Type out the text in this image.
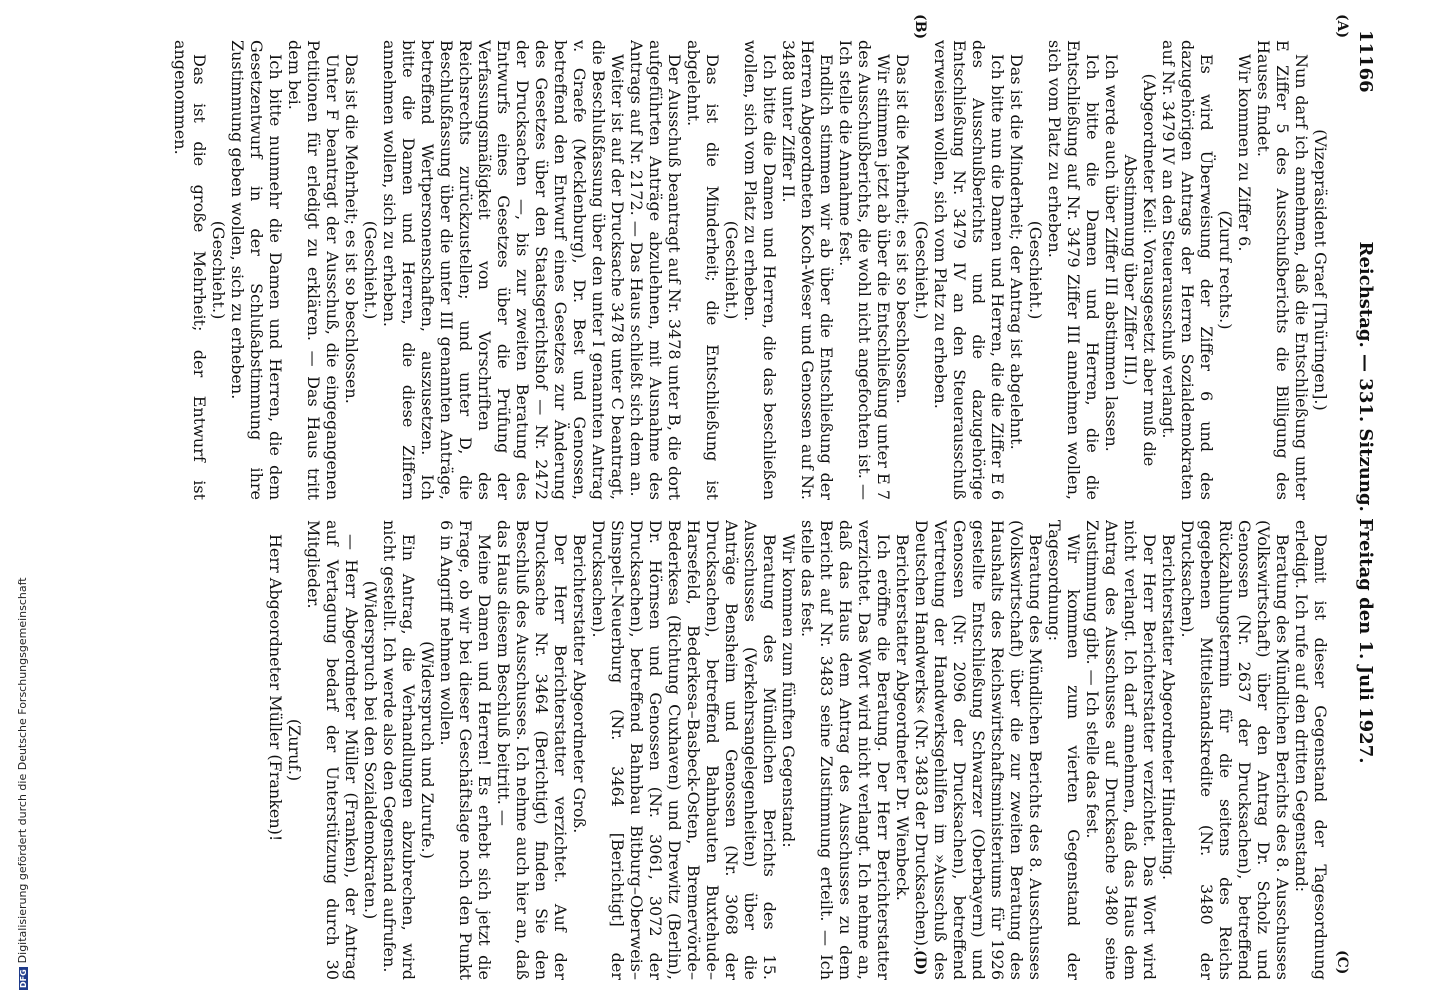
11166
Reichstag. — 331. Sitzung. Freitag den 1. Juli 1927.
(A)
(B)
(C)
(D)

(Vizepräsident Graef [Thüringen].)

Nun darf ich annehmen, daß die Entschließung unter E Ziffer 5 des Ausschußberichts die Billigung des Hauses findet.

Wir kommen zu Ziffer 6.

(Zuruf rechts.)

Es wird Überweisung der Ziffer 6 und des dazugehörigen Antrags der Herren Sozialdemokraten auf Nr. 3479 IV an den Steuerausschuß verlangt.

(Abgeordneter Keil: Vorausgesetzt aber muß die Abstimmung über Ziffer III.)

Ich werde auch über Ziffer III abstimmen lassen.

Ich bitte die Damen und Herren, die die Entschließung auf Nr. 3479 Ziffer III annehmen wollen, sich vom Platz zu erheben.

(Geschieht.)

Das ist die Minderheit; der Antrag ist abgelehnt.

Ich bitte nun die Damen und Herren, die die Ziffer E 6 des Ausschußberichts und die dazugehörige Entschließung Nr. 3479 IV an den Steuerausschuß verweisen wollen, sich vom Platz zu erheben.

(Geschieht.)

Das ist die Mehrheit; es ist so beschlossen.

Wir stimmen jetzt ab über die Entschließung unter E 7 des Ausschußberichts, die wohl nicht angefochten ist. — Ich stelle die Annahme fest.

Endlich stimmen wir ab über die Entschließung der Herren Abgeordneten Koch-Weser und Genossen auf Nr. 3488 unter Ziffer II.

Ich bitte die Damen und Herren, die das beschließen wollen, sich vom Platz zu erheben.

(Geschieht.)

Das ist die Minderheit; die Entschließung ist abgelehnt.

Der Ausschuß beantragt auf Nr. 3478 unter B, die dort aufgeführten Anträge abzulehnen, mit Ausnahme des Antrags auf Nr. 2172. — Das Haus schließt sich dem an.

Weiter ist auf der Drucksache 3478 unter C beantragt, die Beschlußfassung über den unter I genannten Antrag v. Graefe (Mecklenburg), Dr. Best und Genossen, betreffend den Entwurf eines Gesetzes zur Änderung des Gesetzes über den Staatsgerichtshof — Nr. 2472 der Drucksachen —, bis zur zweiten Beratung des Entwurfs eines Gesetzes über die Prüfung der Verfassungsmäßigkeit von Vorschriften des Reichsrechts zurückzustellen; und unter D, die Beschlußfassung über die unter III genannten Anträge, betreffend Wertpersonenschaften, auszusetzen. Ich bitte die Damen und Herren, die diese Ziffern annehmen wollen, sich zu erheben.

(Geschieht.)

Das ist die Mehrheit; es ist so beschlossen.

Unter F beantragt der Ausschuß, die eingegangenen Petitionen für erledigt zu erklären. — Das Haus tritt dem bei.

Ich bitte nunmehr die Damen und Herren, die dem Gesetzentwurf in der Schlußabstimmung ihre Zustimmung geben wollen, sich zu erheben.

(Geschieht.)

Das ist die große Mehrheit; der Entwurf ist angenommen.

Damit ist dieser Gegenstand der Tagesordnung erledigt. Ich rufe auf den dritten Gegenstand:

Beratung des Mündlichen Berichts des 8. Ausschusses (Volkswirtschaft) über den Antrag Dr. Scholz und Genossen (Nr. 2637 der Drucksachen), betreffend Rückzahlungstermin für die seitens des Reichs gegebenen Mittelstandskredite (Nr. 3480 der Drucksachen).

Berichterstatter Abgeordneter Hinderling.

Der Herr Berichterstatter verzichtet. Das Wort wird nicht verlangt. Ich darf annehmen, daß das Haus dem Antrag des Ausschusses auf Drucksache 3480 seine Zustimmung gibt. — Ich stelle das fest.

Wir kommen zum vierten Gegenstand der Tagesordnung:

Beratung des Mündlichen Berichts des 8. Ausschusses (Volkswirtschaft) über die zur zweiten Beratung des Haushalts des Reichswirtschaftsministeriums für 1926 gestellte Entschließung Schwarzer (Oberbayern) und Genossen (Nr. 2096 der Drucksachen), betreffend Vertretung der Handwerksgehilfen im »Ausschuß des Deutschen Handwerks« (Nr. 3483 der Drucksachen).

Berichterstatter Abgeordneter Dr. Wienbeck.

Ich eröffne die Beratung. Der Herr Berichterstatter verzichtet. Das Wort wird nicht verlangt. Ich nehme an, daß das Haus dem Antrag des Ausschusses zu dem Bericht auf Nr. 3483 seine Zustimmung erteilt. — Ich stelle das fest.

Wir kommen zum fünften Gegenstand:

Beratung des Mündlichen Berichts des 15. Ausschusses (Verkehrsangelegenheiten) über die Anträge Bensheim und Genossen (Nr. 3068 der Drucksachen), betreffend Bahnbauten Buxtehude–Harsefeld, Bederkesa–Basbeck-Osten, Bremervörde–Bederkesa (Richtung Cuxhaven) und Drewitz (Berlin), Dr. Hörnsen und Genossen (Nr. 3061, 3072 der Drucksachen), betreffend Bahnbau Bitburg–Oberweis–Sinspelt–Neuerburg (Nr. 3464 [Berichtigt] der Drucksachen).

Berichterstatter Abgeordneter Groß.

Der Herr Berichterstatter verzichtet. Auf der Drucksache Nr. 3464 (Berichtigt) finden Sie den Beschluß des Ausschusses. Ich nehme auch hier an, daß das Haus diesem Beschluß beitritt. —

Meine Damen und Herren! Es erhebt sich jetzt die Frage, ob wir bei dieser Geschäftslage noch den Punkt 6 in Angriff nehmen wollen.

(Widerspruch und Zurufe.)

Ein Antrag, die Verhandlungen abzubrechen, wird nicht gestellt. Ich werde also den Gegenstand aufrufen.

(Widerspruch bei den Sozialdemokraten.)

— Herr Abgeordneter Müller (Franken), der Antrag auf Vertagung bedarf der Unterstützung durch 30 Mitglieder.

(Zuruf.)

Herr Abgeordneter Müller (Franken)!

DFGDigitalisierung gefördert durch die Deutsche Forschungsgemeinschaft
